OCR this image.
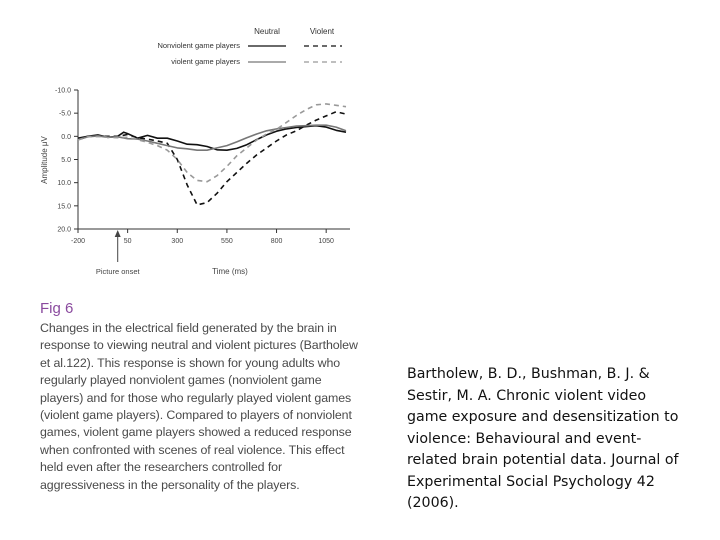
Neutral	Violent
Nonviolent game players
violent game players
-10.0
-5.0
0.0
5.0
10.0
15.0
20.0
-200	50	300	550	800	1050
Amplitude μV
Time (ms)
Picture onset
Fig 6
Changes in the electrical field generated by the brain in response to viewing neutral and violent pictures (Bartholew et al.122). This response is shown for young adults who regularly played nonviolent games (nonviolent game players) and for those who regularly played violent games (violent game players). Compared to players of nonviolent games, violent game players showed a reduced response when confronted with scenes of real violence. This effect held even after the researchers controlled for aggressiveness in the personality of the players.
Bartholew, B. D., Bushman, B. J. & Sestir, M. A. Chronic violent video game exposure and desensitization to violence: Behavioural and event-related brain potential data. Journal of Experimental Social Psychology 42 (2006).
